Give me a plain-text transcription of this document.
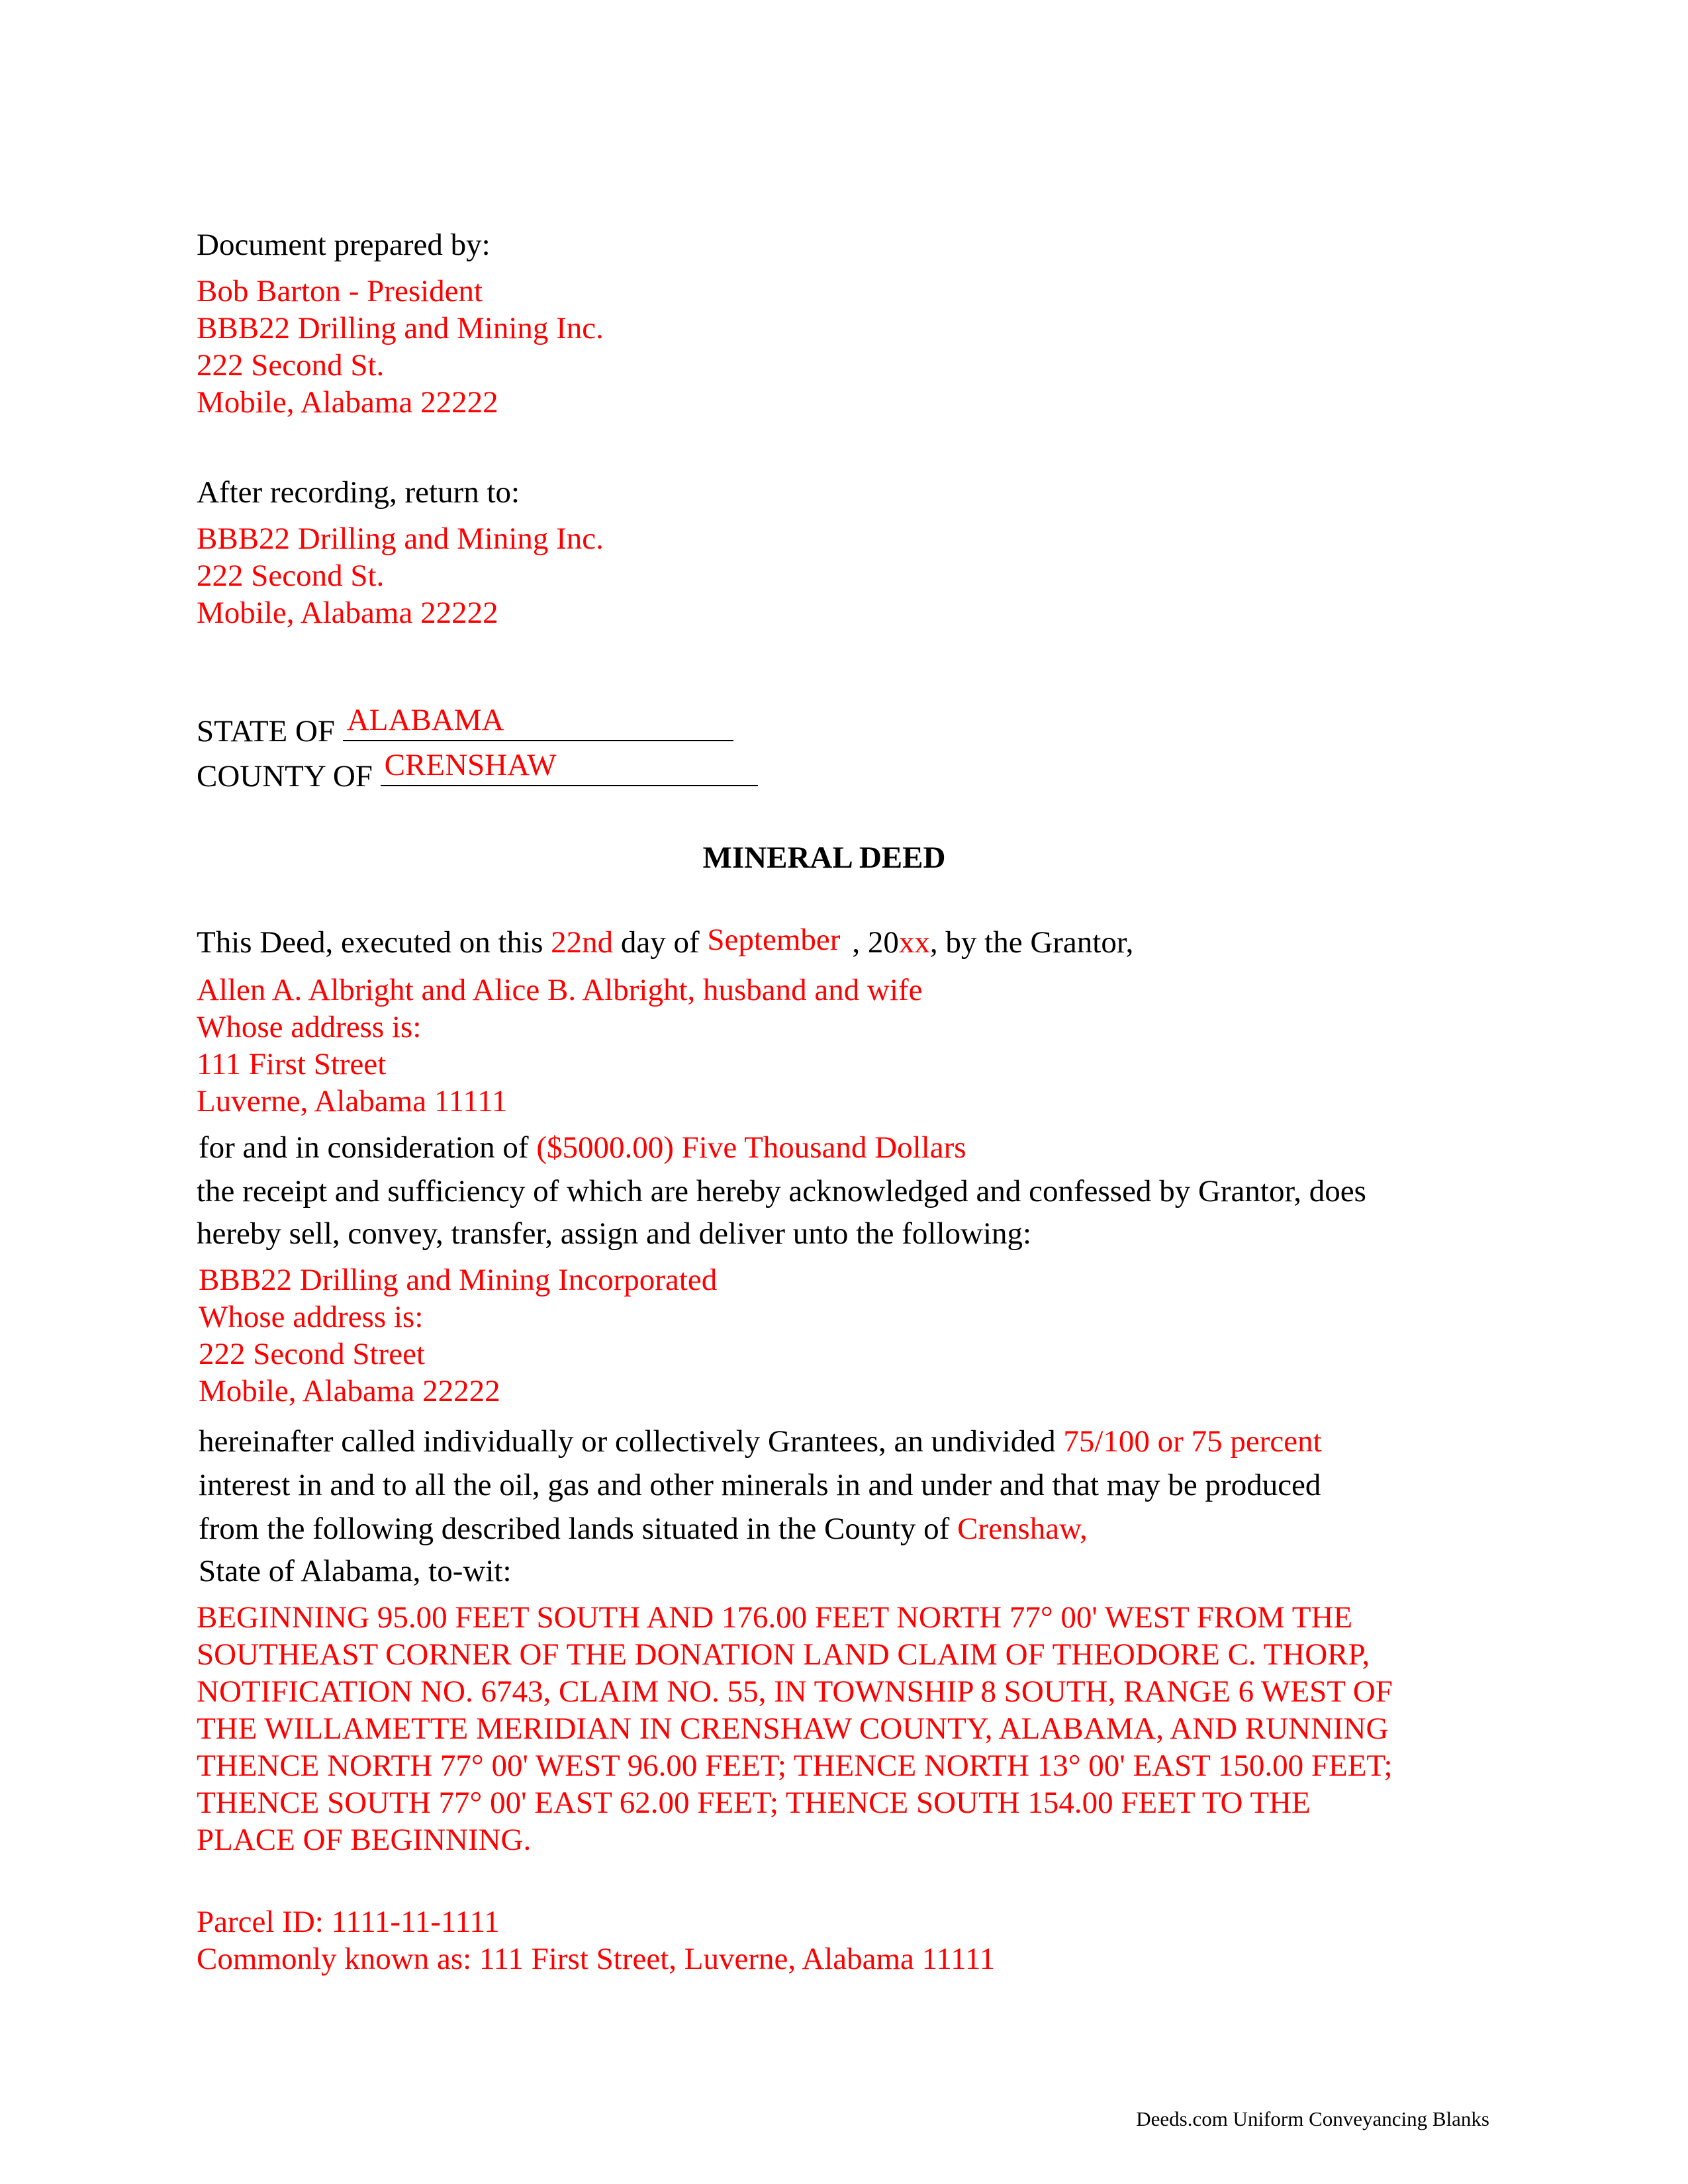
Document prepared by:
Bob Barton - President
BBB22 Drilling and Mining Inc.
222 Second St.
Mobile, Alabama 22222
After recording, return to:
BBB22 Drilling and Mining Inc.
222 Second St.
Mobile, Alabama 22222
STATE OF ALABAMA
COUNTY OF CRENSHAW
MINERAL DEED
This Deed, executed on this 22nd day of September , 20xx, by the Grantor,
Allen A. Albright and Alice B. Albright, husband and wife
Whose address is:
111 First Street
Luverne, Alabama 11111
for and in consideration of ($5000.00) Five Thousand Dollars
the receipt and sufficiency of which are hereby acknowledged and confessed by Grantor, does
hereby sell, convey, transfer, assign and deliver unto the following:
BBB22 Drilling and Mining Incorporated
Whose address is:
222 Second Street
Mobile, Alabama 22222
hereinafter called individually or collectively Grantees, an undivided 75/100 or 75 percent
interest in and to all the oil, gas and other minerals in and under and that may be produced
from the following described lands situated in the County of Crenshaw,
State of Alabama, to-wit:
BEGINNING 95.00 FEET SOUTH AND 176.00 FEET NORTH 77° 00' WEST FROM THE
SOUTHEAST CORNER OF THE DONATION LAND CLAIM OF THEODORE C. THORP,
NOTIFICATION NO. 6743, CLAIM NO. 55, IN TOWNSHIP 8 SOUTH, RANGE 6 WEST OF
THE WILLAMETTE MERIDIAN IN CRENSHAW COUNTY, ALABAMA, AND RUNNING
THENCE NORTH 77° 00' WEST 96.00 FEET; THENCE NORTH 13° 00' EAST 150.00 FEET;
THENCE SOUTH 77° 00' EAST 62.00 FEET; THENCE SOUTH 154.00 FEET TO THE
PLACE OF BEGINNING.
Parcel ID: 1111-11-1111
Commonly known as: 111 First Street, Luverne, Alabama 11111
Deeds.com Uniform Conveyancing Blanks
